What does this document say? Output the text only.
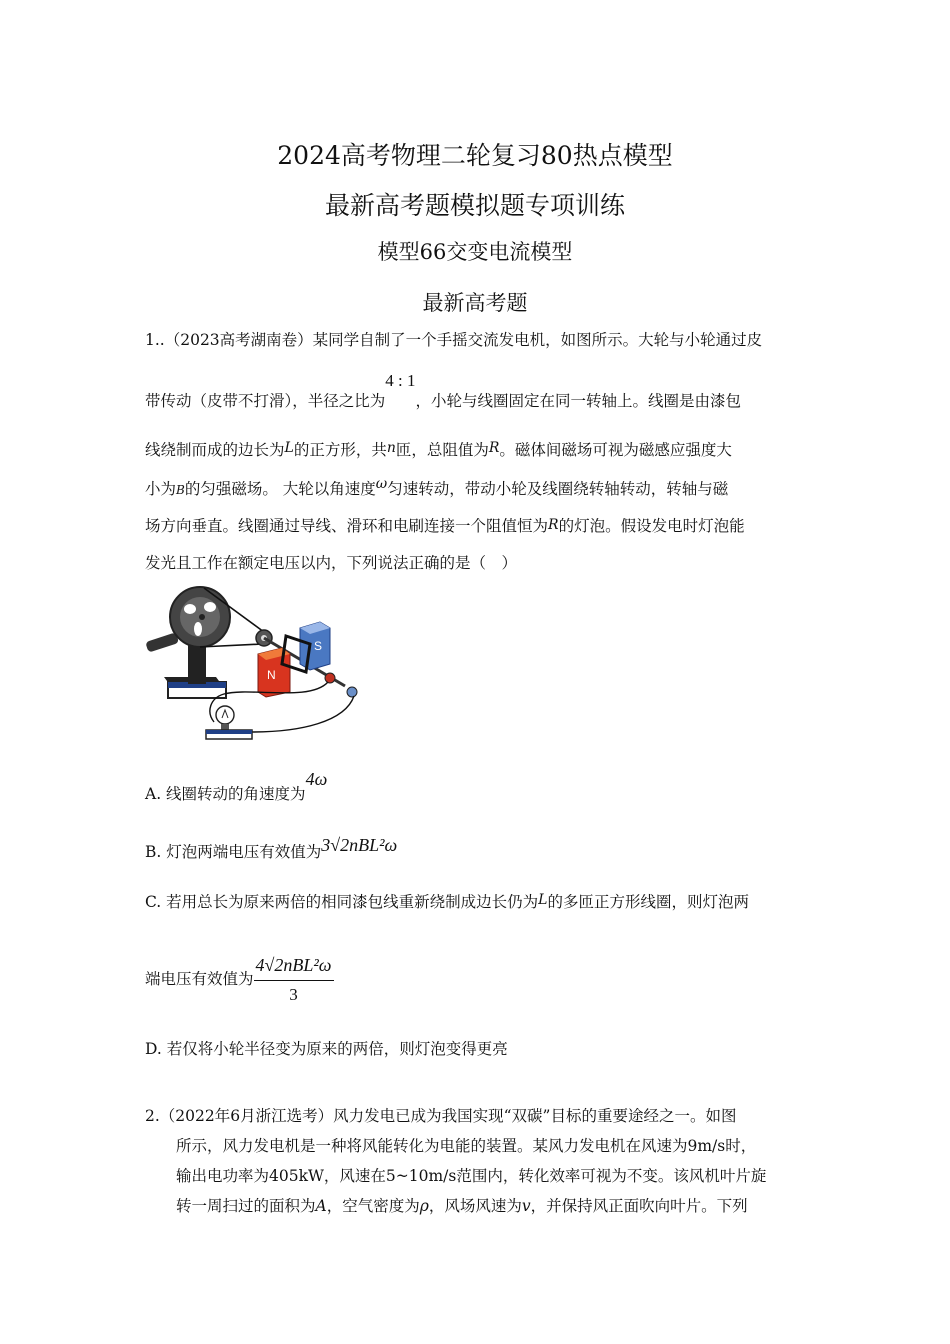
2024高考物理二轮复习80热点模型
最新高考题模拟题专项训练
模型66交变电流模型
最新高考题
1..（2023高考湖南卷）某同学自制了一个手摇交流发电机，如图所示。大轮与小轮通过皮
带传动（皮带不打滑），半径之比为4 : 1，小轮与线圈固定在同一转轴上。线圈是由漆包
线绕制而成的边长为L的正方形，共n匝，总阻值为R。磁体间磁场可视为磁感应强度大
小为B的匀强磁场。 大轮以角速度ω匀速转动，带动小轮及线圈绕转轴转动，转轴与磁
场方向垂直。线圈通过导线、滑环和电刷连接一个阻值恒为R的灯泡。假设发电时灯泡能
发光且工作在额定电压以内，下列说法正确的是（　）
N
S
A. 线圈转动的角速度为4ω
B. 灯泡两端电压有效值为3√2nBL²ω
C. 若用总长为原来两倍的相同漆包线重新绕制成边长仍为L的多匝正方形线圈，则灯泡两
端电压有效值为 $\frac{\text{4√2nBL²ω}}{3}$
D. 若仅将小轮半径变为原来的两倍，则灯泡变得更亮
2.（2022年6月浙江选考）风力发电已成为我国实现“双碳”目标的重要途经之一。如图
所示，风力发电机是一种将风能转化为电能的装置。某风力发电机在风速为9m/s时，
输出电功率为405kW，风速在5~10m/s范围内，转化效率可视为不变。该风机叶片旋
转一周扫过的面积为A，空气密度为ρ，风场风速为v，并保持风正面吹向叶片。下列
